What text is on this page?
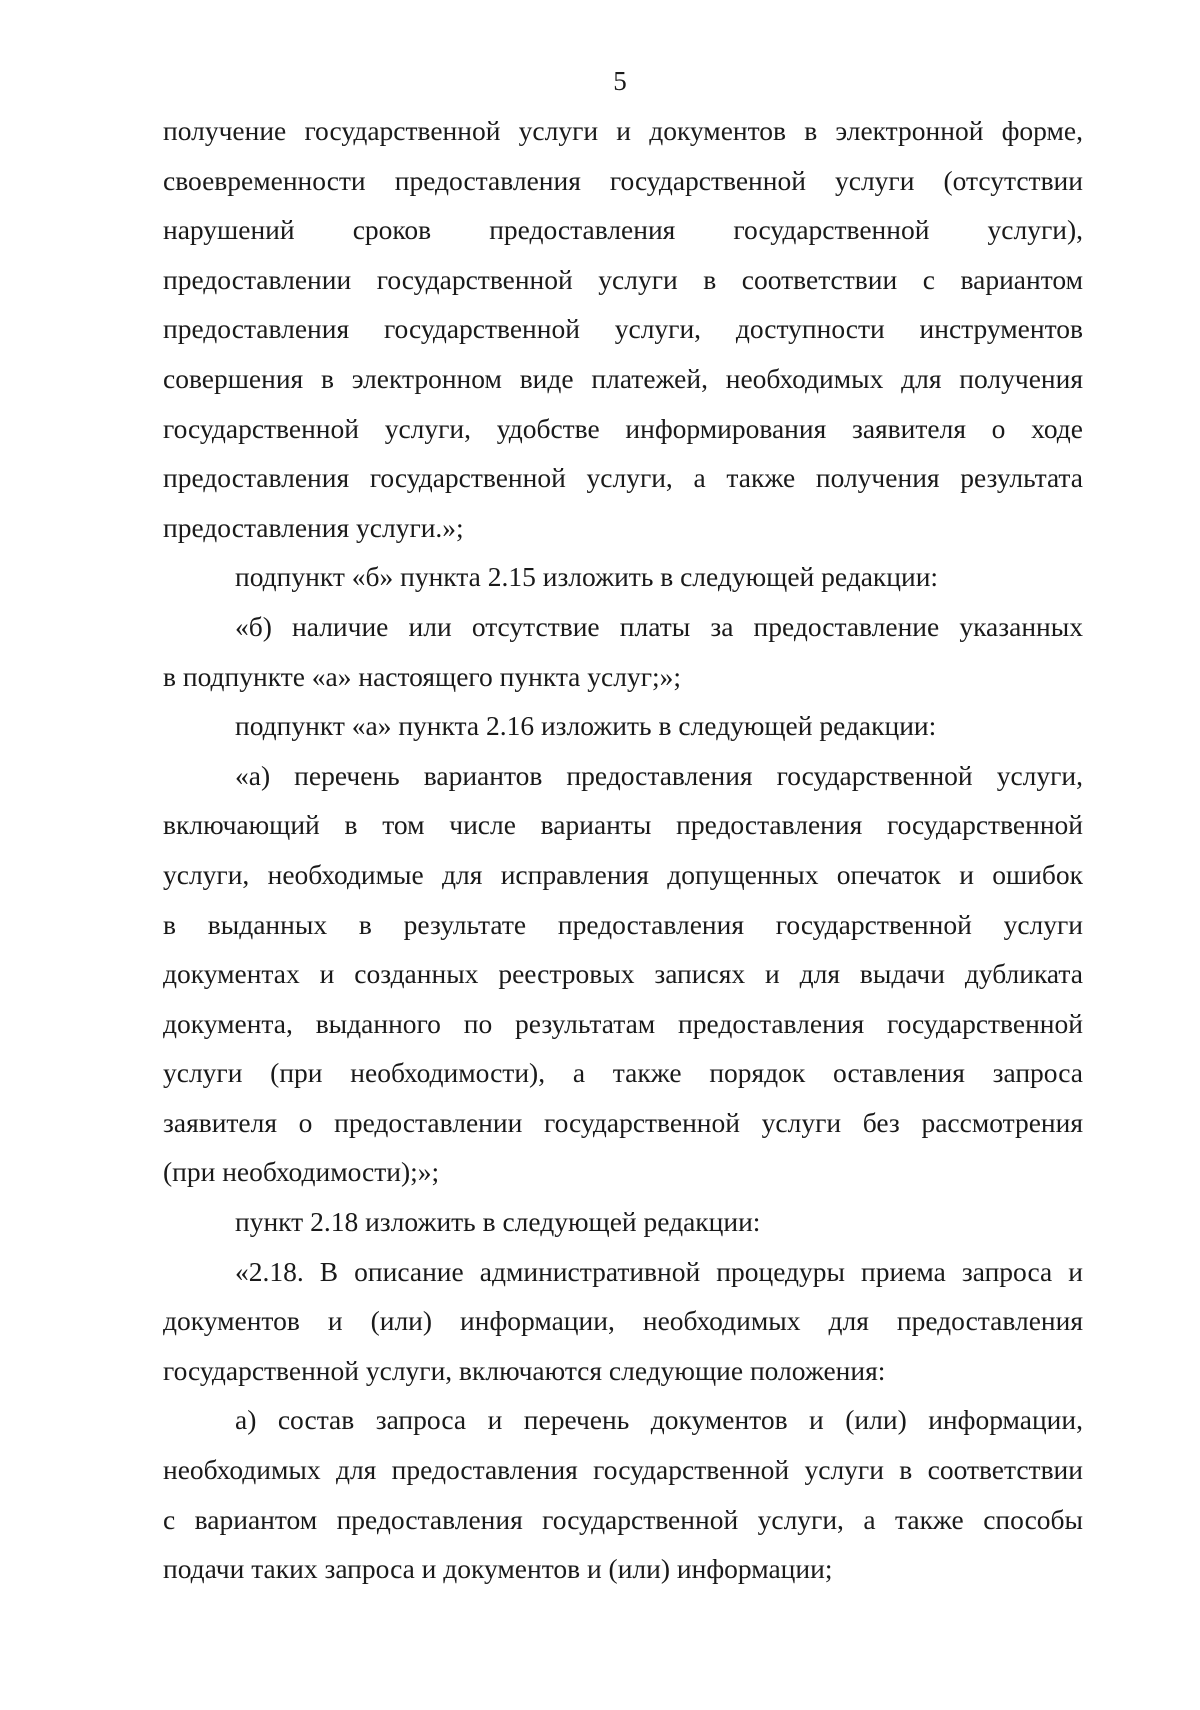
5
получение государственной услуги и документов в электронной форме,
своевременности предоставления государственной услуги (отсутствии
нарушений сроков предоставления государственной услуги),
предоставлении государственной услуги в соответствии с вариантом
предоставления государственной услуги, доступности инструментов
совершения в электронном виде платежей, необходимых для получения
государственной услуги, удобстве информирования заявителя о ходе
предоставления государственной услуги, а также получения результата
предоставления услуги.»;
подпункт «б» пункта 2.15 изложить в следующей редакции:
«б) наличие или отсутствие платы за предоставление указанных
в подпункте «а» настоящего пункта услуг;»;
подпункт «а» пункта 2.16 изложить в следующей редакции:
«а) перечень вариантов предоставления государственной услуги,
включающий в том числе варианты предоставления государственной
услуги, необходимые для исправления допущенных опечаток и ошибок
в выданных в результате предоставления государственной услуги
документах и созданных реестровых записях и для выдачи дубликата
документа, выданного по результатам предоставления государственной
услуги (при необходимости), а также порядок оставления запроса
заявителя о предоставлении государственной услуги без рассмотрения
(при необходимости);»;
пункт 2.18 изложить в следующей редакции:
«2.18. В описание административной процедуры приема запроса и
документов и (или) информации, необходимых для предоставления
государственной услуги, включаются следующие положения:
а) состав запроса и перечень документов и (или) информации,
необходимых для предоставления государственной услуги в соответствии
с вариантом предоставления государственной услуги, а также способы
подачи таких запроса и документов и (или) информации;
